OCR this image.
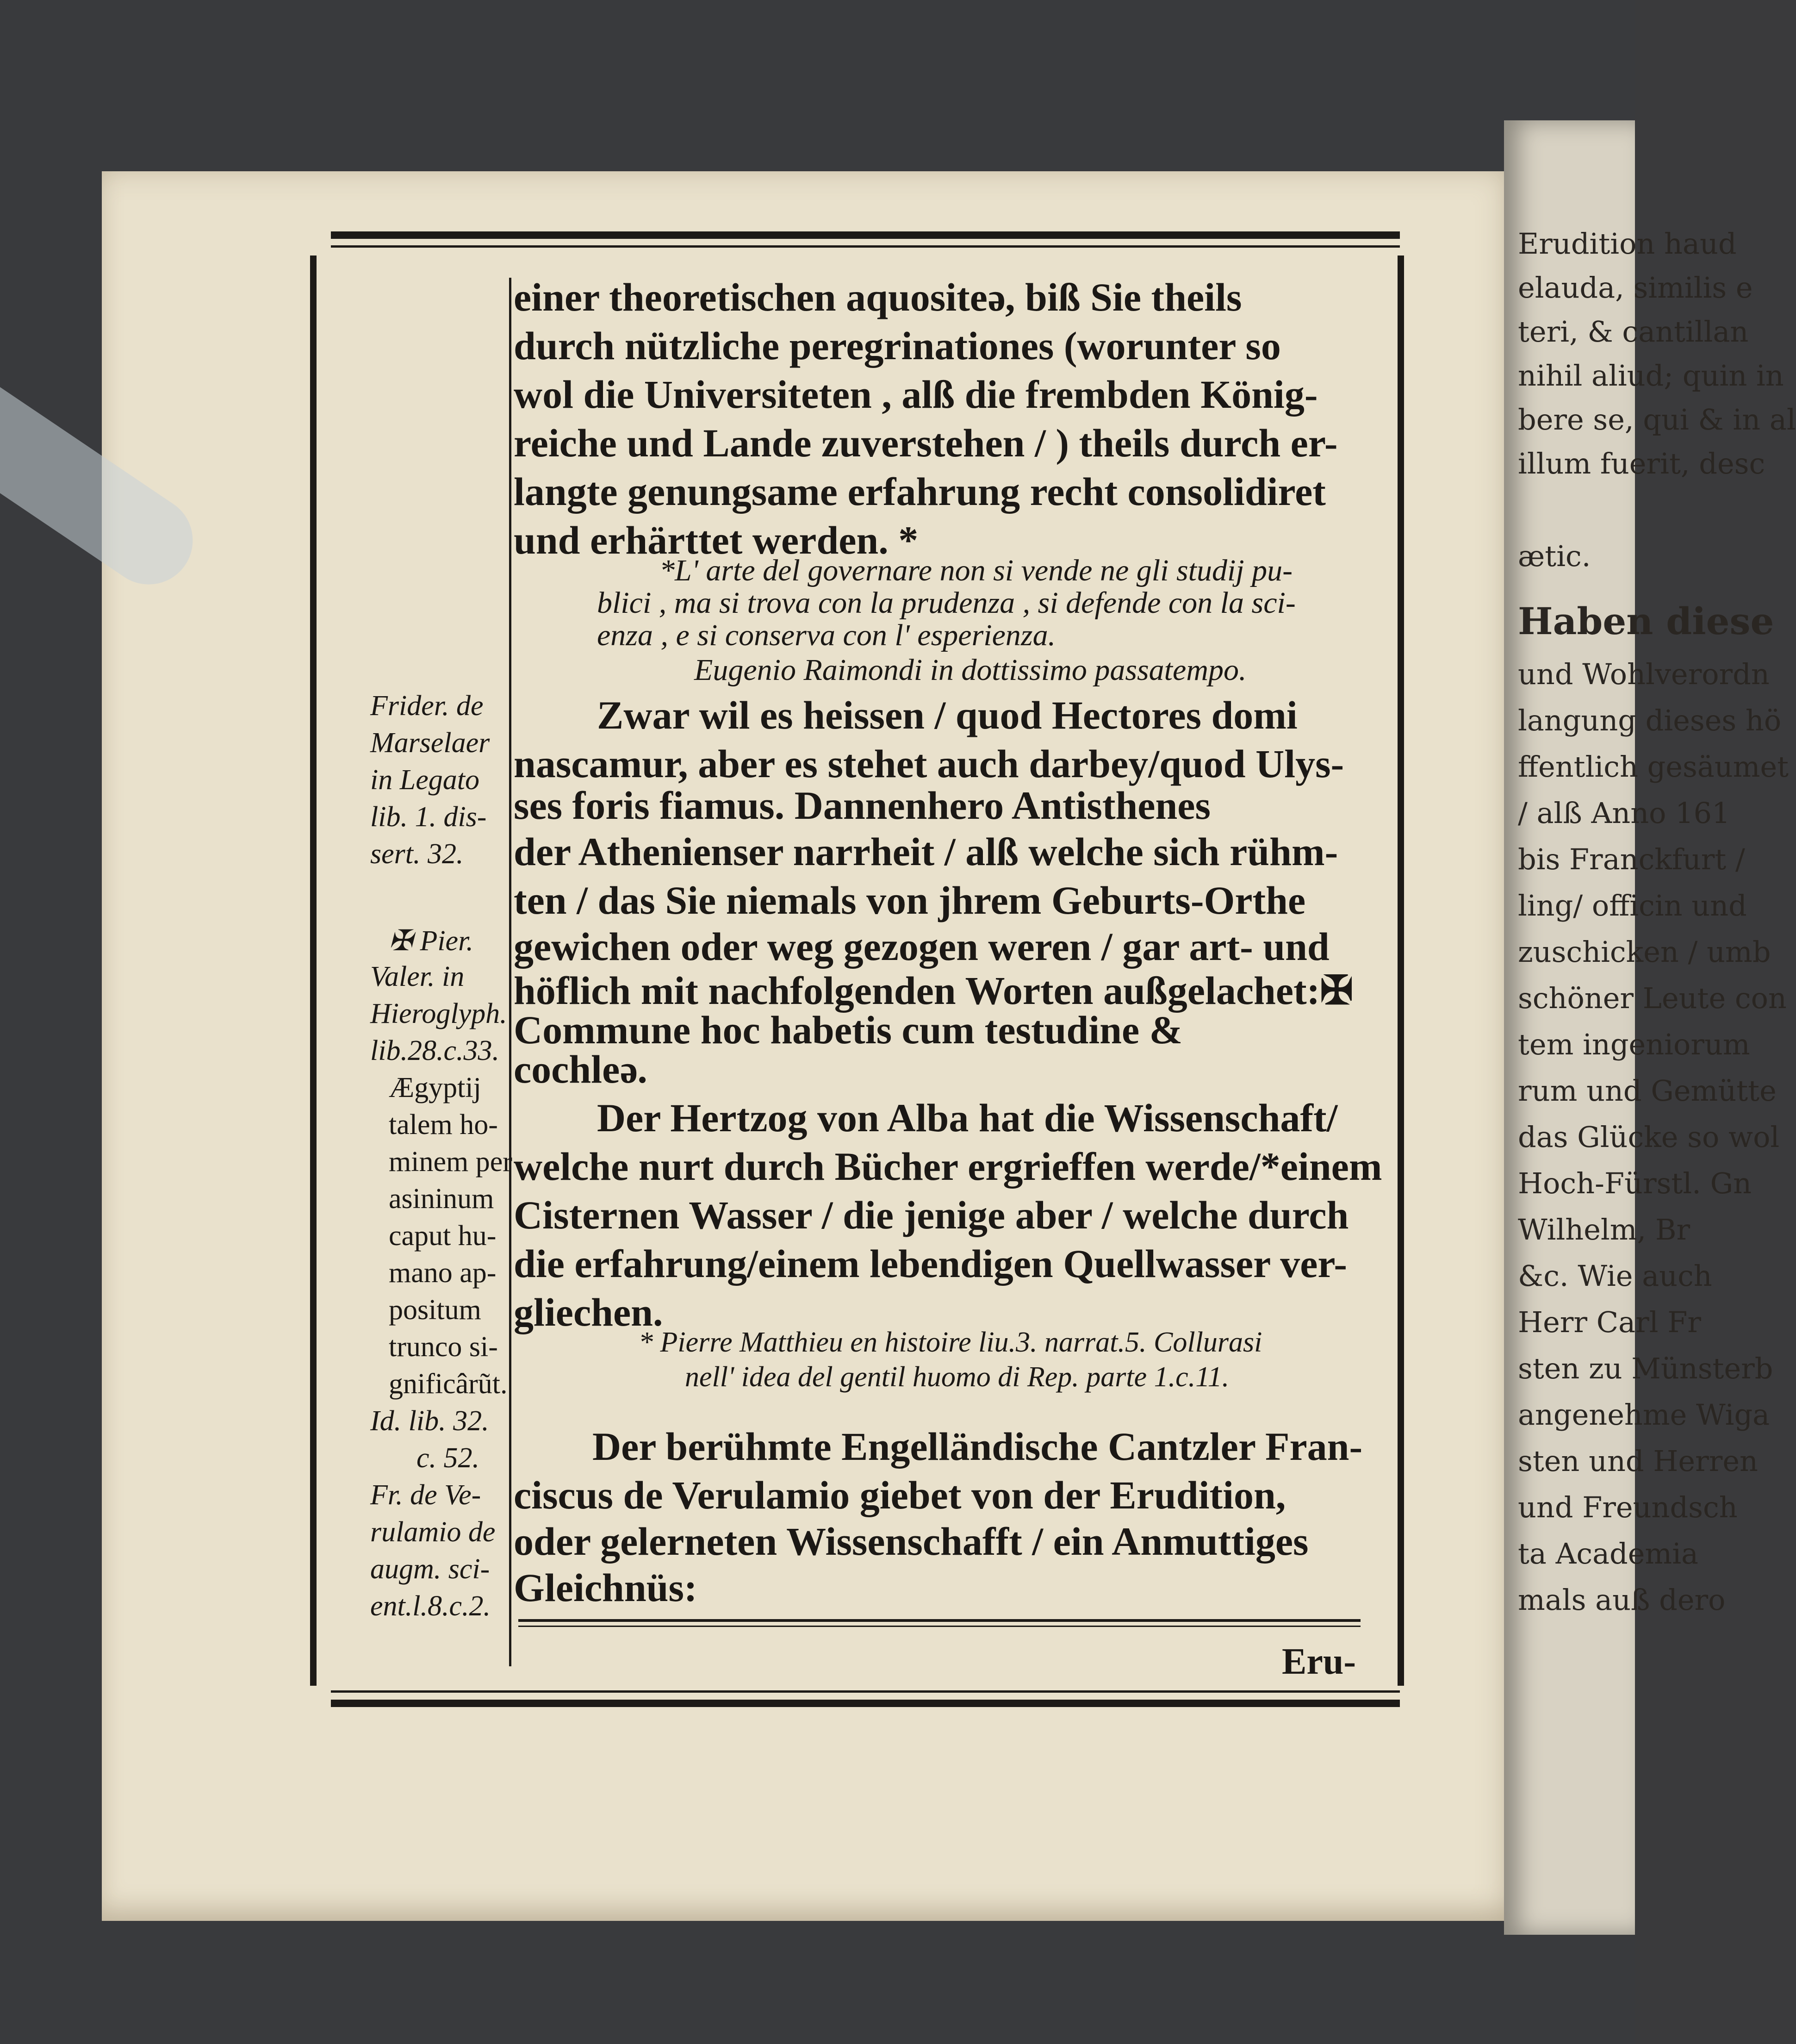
Erudition haud
elauda, similis e
teri, & cantillan
nihil aliud; quin in
bere se, qui & in al
illum fuerit, desc
ætic.
Haben diese
und Wohlverordn
langung dieses hö
ffentlich gesäumet
/ alß Anno 161
bis Franckfurt /
ling/ officin und
zuschicken / umb
schöner Leute con
tem ingeniorum
rum und Gemütte
das Glücke so wol
Hoch-Fürstl. Gn
Wilhelm, Br
&c. Wie auch
Herr Carl Fr
sten zu Münsterb
angenehme Wiga
sten und Herren
und Freundsch
ta Academia
mals auß dero
einer theoretischen aquositeǝ, biß Sie theils
durch nützliche peregrinationes (worunter so
wol die Universiteten , alß die frembden König-
reiche und Lande zuverstehen / ) theils durch er-
langte genungsame erfahrung recht consolidiret
und erhärttet werden. *
*L' arte del governare non si vende ne gli studij pu-
blici , ma si trova con la prudenza , si defende con la sci-
enza , e si conserva con l' esperienza.
Eugenio Raimondi in dottissimo passatempo.
Zwar wil es heissen / quod Hectores domi
nascamur, aber es stehet auch darbey/quod Ulys-
ses foris fiamus. Dannenhero Antisthenes
der Athenienser narrheit / alß welche sich rühm-
ten / das Sie niemals von jhrem Geburts-Orthe
gewichen oder weg gezogen weren / gar art- und
höflich mit nachfolgenden Worten außgelachet:✠
Commune hoc habetis cum testudine &
cochleǝ.
Der Hertzog von Alba hat die Wissenschaft/
welche nurt durch Bücher ergrieffen werde/*einem
Cisternen Wasser / die jenige aber / welche durch
die erfahrung/einem lebendigen Quellwasser ver-
gliechen.
* Pierre Matthieu en histoire liu.3. narrat.5. Collurasi
nell' idea del gentil huomo di Rep. parte 1.c.11.
Der berühmte Engelländische Cantzler Fran-
ciscus de Verulamio giebet von der Erudition,
oder gelerneten Wissenschafft / ein Anmuttiges
Gleichnüs:
Frider. de
Marselaer
in Legato
lib. 1. dis-
sert. 32.
✠ Pier.
Valer. in
Hieroglyph.
lib.28.c.33.
Ægyptij
talem ho-
minem per
asininum
caput hu-
mano ap-
positum
trunco si-
gnificârũt.
Id. lib. 32.
c. 52.
Fr. de Ve-
rulamio de
augm. sci-
ent.l.8.c.2.
Eru-
